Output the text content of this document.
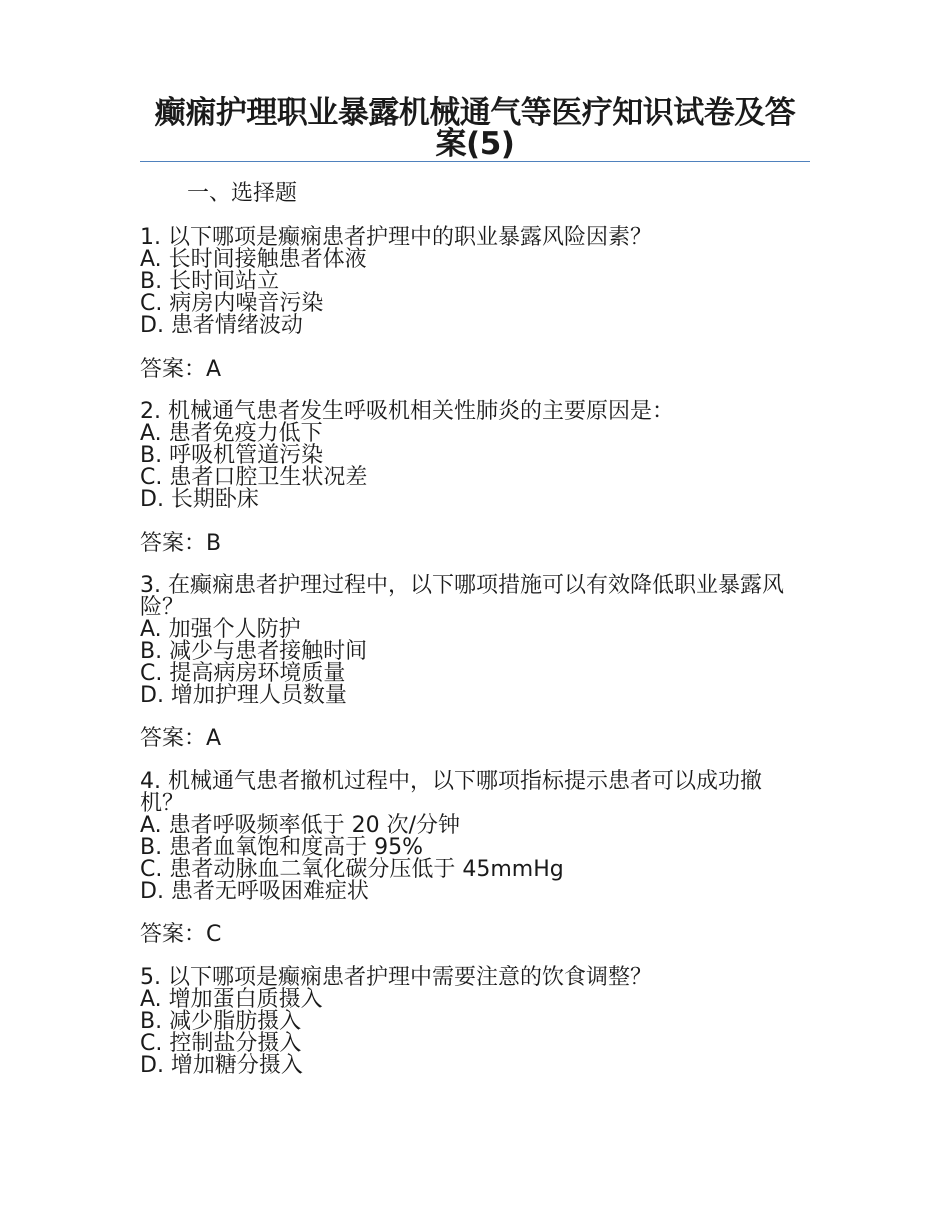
癫痫护理职业暴露机械通气等医疗知识试卷及答案(5)
一、选择题
1. 以下哪项是癫痫患者护理中的职业暴露风险因素？
A. 长时间接触患者体液
B. 长时间站立
C. 病房内噪音污染
D. 患者情绪波动
答案：A
2. 机械通气患者发生呼吸机相关性肺炎的主要原因是：
A. 患者免疫力低下
B. 呼吸机管道污染
C. 患者口腔卫生状况差
D. 长期卧床
答案：B
3. 在癫痫患者护理过程中，以下哪项措施可以有效降低职业暴露风险？
A. 加强个人防护
B. 减少与患者接触时间
C. 提高病房环境质量
D. 增加护理人员数量
答案：A
4. 机械通气患者撤机过程中，以下哪项指标提示患者可以成功撤机？
A. 患者呼吸频率低于 20 次/分钟
B. 患者血氧饱和度高于 95%
C. 患者动脉血二氧化碳分压低于 45mmHg
D. 患者无呼吸困难症状
答案：C
5. 以下哪项是癫痫患者护理中需要注意的饮食调整？
A. 增加蛋白质摄入
B. 减少脂肪摄入
C. 控制盐分摄入
D. 增加糖分摄入
